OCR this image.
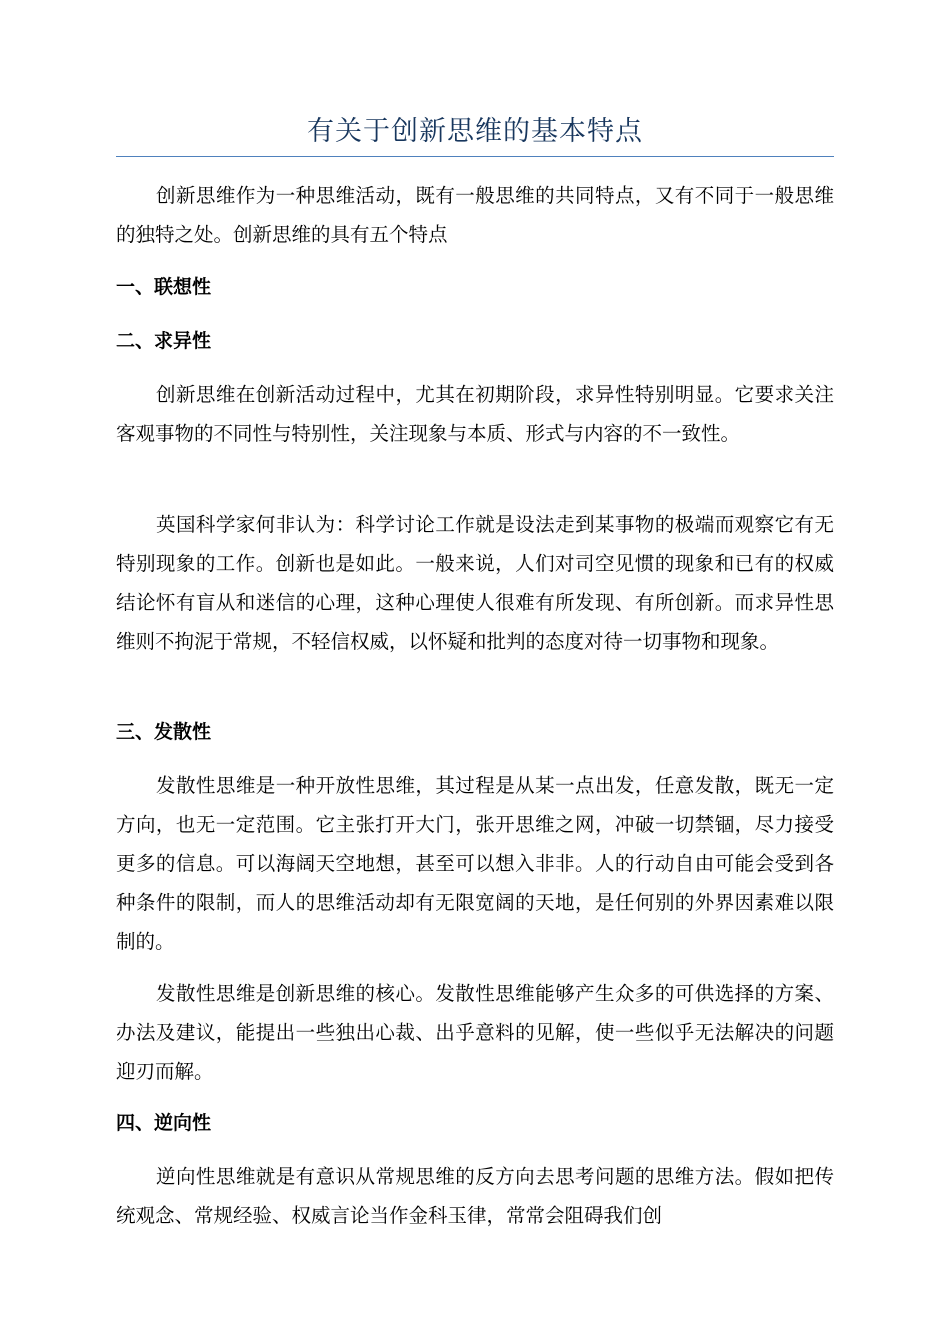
有关于创新思维的基本特点

创新思维作为一种思维活动，既有一般思维的共同特点，又有不同于一般思维的独特之处。创新思维的具有五个特点

一、联想性

二、求异性

创新思维在创新活动过程中，尤其在初期阶段，求异性特别明显。它要求关注客观事物的不同性与特别性，关注现象与本质、形式与内容的不一致性。

英国科学家何非认为：科学讨论工作就是设法走到某事物的极端而观察它有无特别现象的工作。创新也是如此。一般来说，人们对司空见惯的现象和已有的权威结论怀有盲从和迷信的心理，这种心理使人很难有所发现、有所创新。而求异性思维则不拘泥于常规，不轻信权威，以怀疑和批判的态度对待一切事物和现象。

三、发散性

发散性思维是一种开放性思维，其过程是从某一点出发，任意发散，既无一定方向，也无一定范围。它主张打开大门，张开思维之网，冲破一切禁锢，尽力接受更多的信息。可以海阔天空地想，甚至可以想入非非。人的行动自由可能会受到各种条件的限制，而人的思维活动却有无限宽阔的天地，是任何别的外界因素难以限制的。

发散性思维是创新思维的核心。发散性思维能够产生众多的可供选择的方案、办法及建议，能提出一些独出心裁、出乎意料的见解，使一些似乎无法解决的问题迎刃而解。

四、逆向性

逆向性思维就是有意识从常规思维的反方向去思考问题的思维方法。假如把传统观念、常规经验、权威言论当作金科玉律，常常会阻碍我们创
